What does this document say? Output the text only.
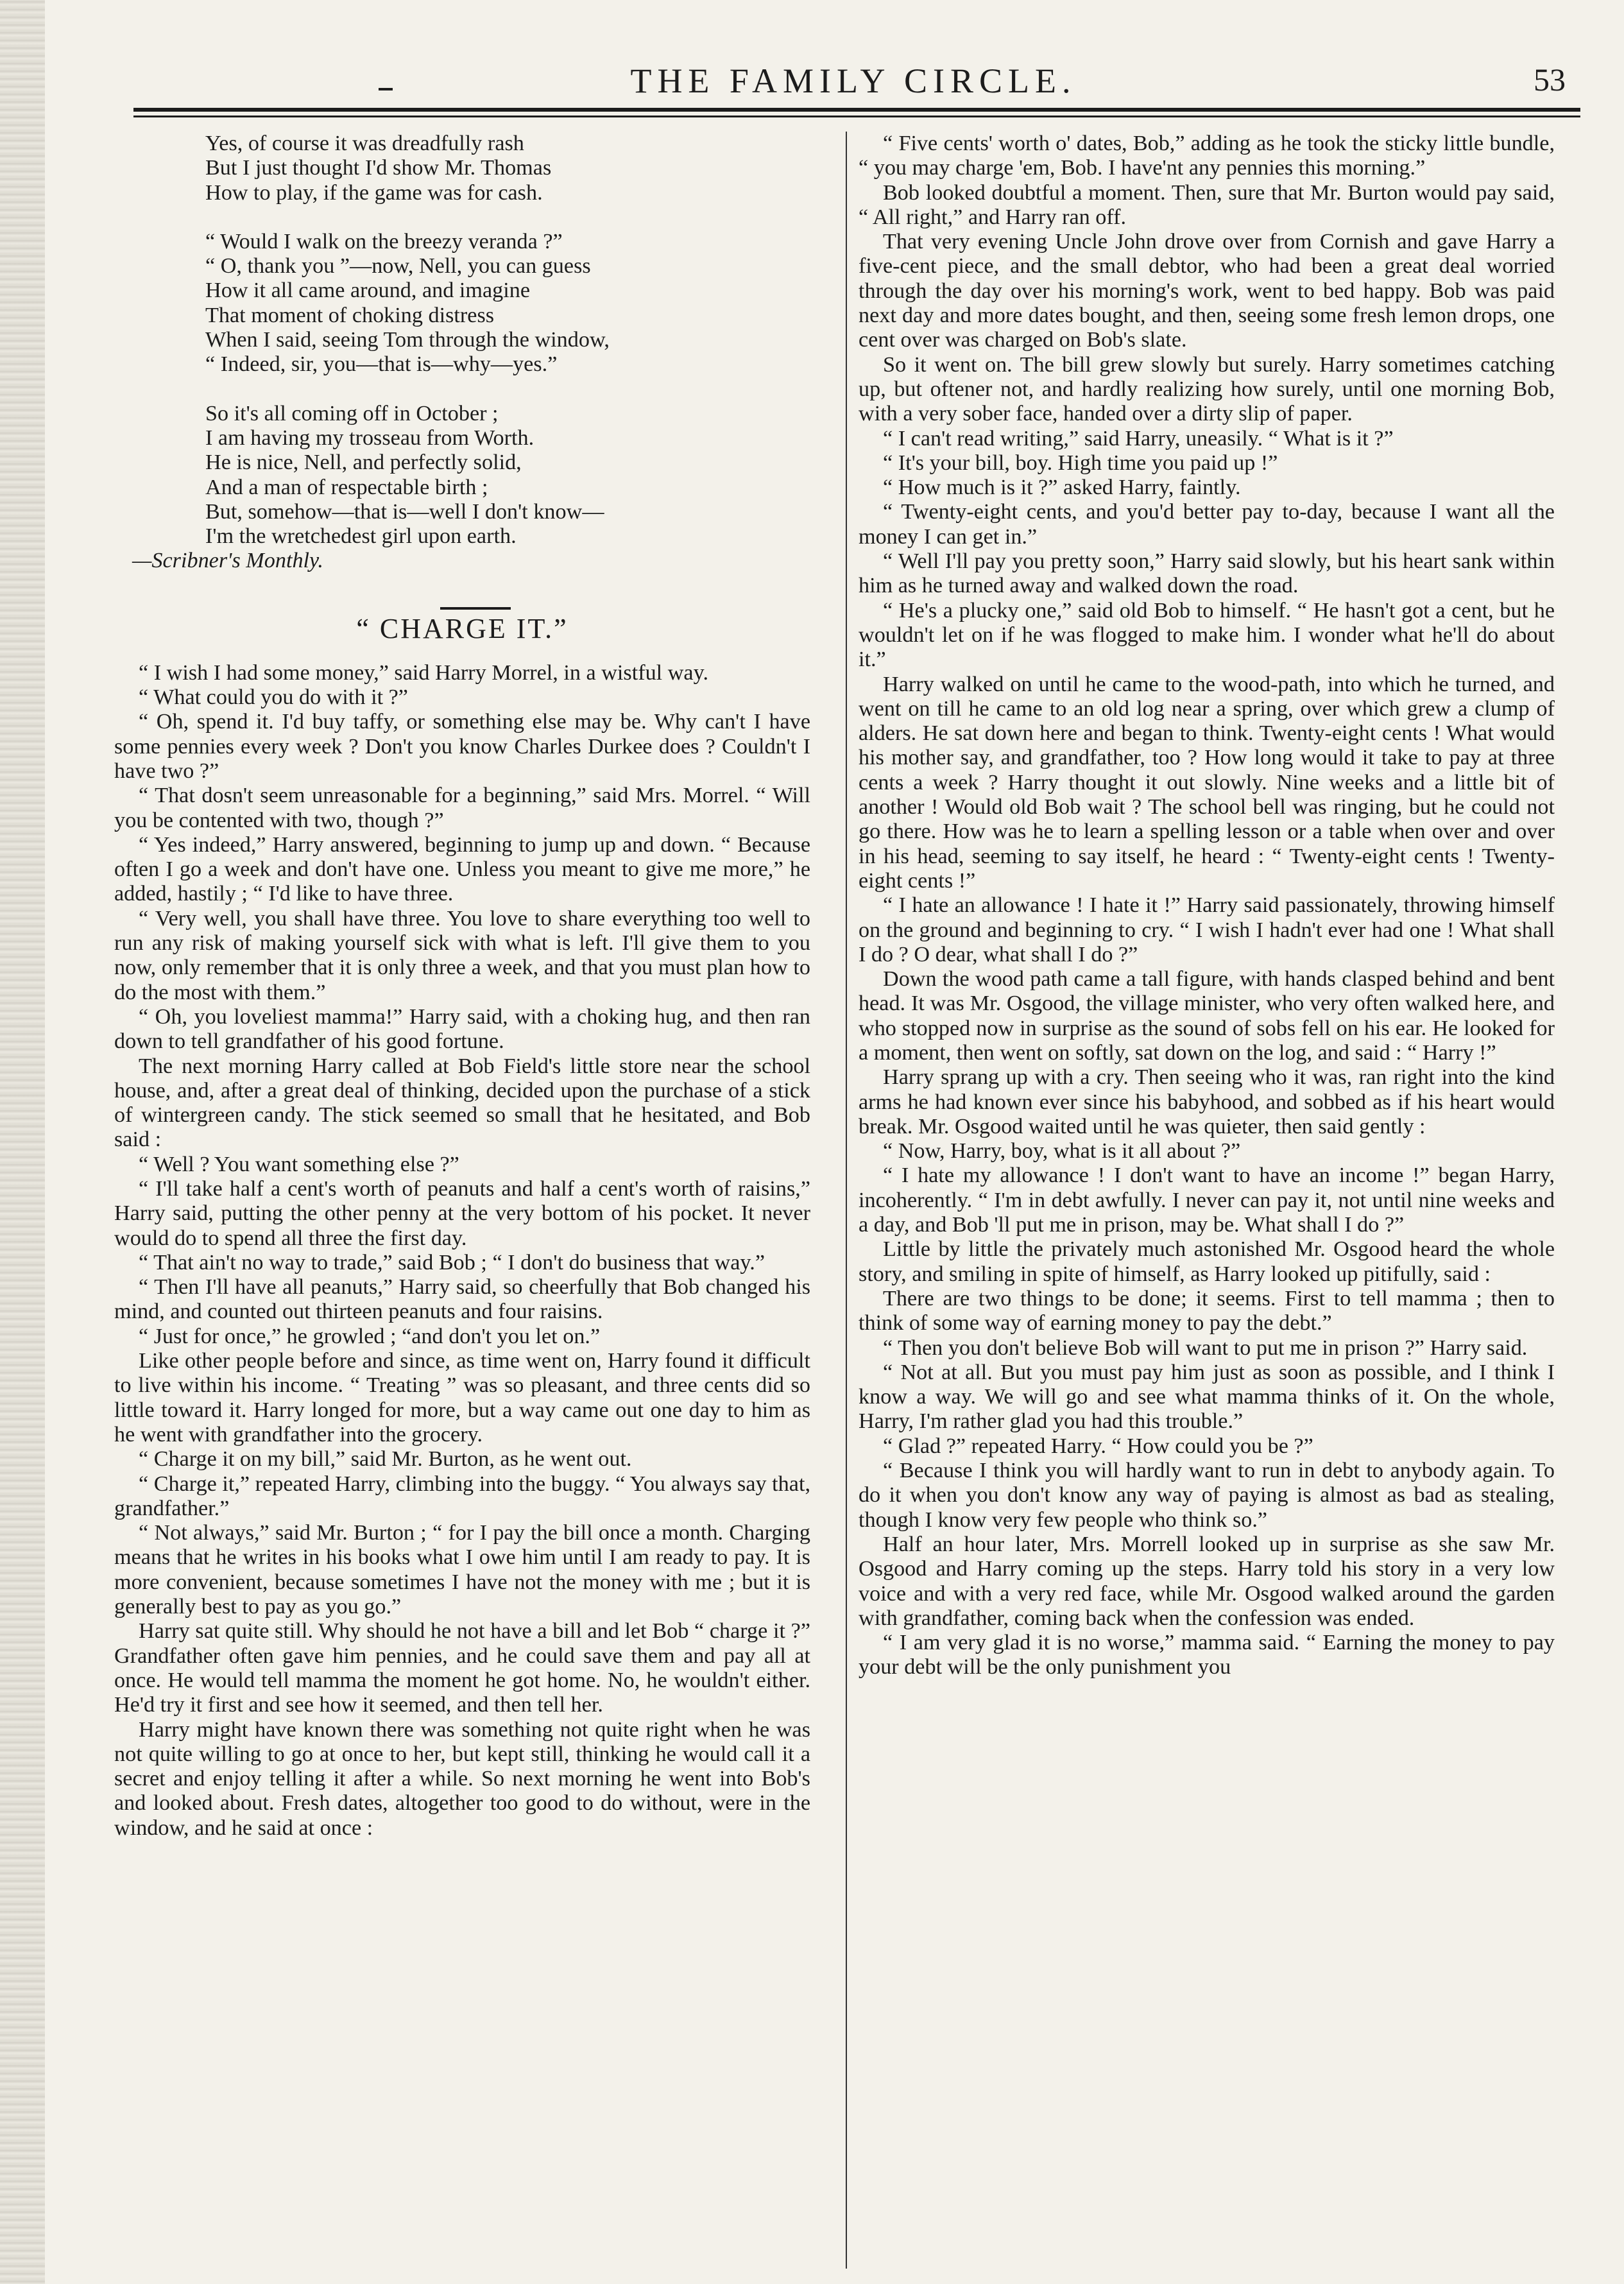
THE FAMILY CIRCLE.	53
Yes, of course it was dreadfully rash
But I just thought I'd show Mr. Thomas
How to play, if the game was for cash.
“ Would I walk on the breezy veranda ?”
“ O, thank you ”—now, Nell, you can guess
How it all came around, and imagine
That moment of choking distress
When I said, seeing Tom through the window,
“ Indeed, sir, you—that is—why—yes.”
So it's all coming off in October ;
I am having my trosseau from Worth.
He is nice, Nell, and perfectly solid,
And a man of respectable birth ;
But, somehow—that is—well I don't know—
I'm the wretchedest girl upon earth.
—Scribner's Monthly.
“ CHARGE IT.”

“ I wish I had some money,” said Harry Morrel, in a wistful way.

“ What could you do with it ?”

“ Oh, spend it. I'd buy taffy, or something else may be. Why can't I have some pennies every week ? Don't you know Charles Durkee does ? Couldn't I have two ?”

“ That dosn't seem unreasonable for a beginning,” said Mrs. Morrel. “ Will you be contented with two, though ?”

“ Yes indeed,” Harry answered, beginning to jump up and down. “ Because often I go a week and don't have one. Unless you meant to give me more,” he added, hastily ; “ I'd like to have three.

“ Very well, you shall have three. You love to share everything too well to run any risk of making yourself sick with what is left. I'll give them to you now, only remember that it is only three a week, and that you must plan how to do the most with them.”

“ Oh, you loveliest mamma!” Harry said, with a choking hug, and then ran down to tell grandfather of his good fortune.

The next morning Harry called at Bob Field's little store near the school house, and, after a great deal of thinking, decided upon the purchase of a stick of wintergreen candy. The stick seemed so small that he hesitated, and Bob said :

“ Well ? You want something else ?”

“ I'll take half a cent's worth of peanuts and half a cent's worth of raisins,” Harry said, putting the other penny at the very bottom of his pocket. It never would do to spend all three the first day.

“ That ain't no way to trade,” said Bob ; “ I don't do business that way.”

“ Then I'll have all peanuts,” Harry said, so cheerfully that Bob changed his mind, and counted out thirteen peanuts and four raisins.

“ Just for once,” he growled ; “and don't you let on.”

Like other people before and since, as time went on, Harry found it difficult to live within his income. “ Treating ” was so pleasant, and three cents did so little toward it. Harry longed for more, but a way came out one day to him as he went with grandfather into the grocery.

“ Charge it on my bill,” said Mr. Burton, as he went out.

“ Charge it,” repeated Harry, climbing into the buggy. “ You always say that, grandfather.”

“ Not always,” said Mr. Burton ; “ for I pay the bill once a month. Charging means that he writes in his books what I owe him until I am ready to pay. It is more convenient, because sometimes I have not the money with me ; but it is generally best to pay as you go.”

Harry sat quite still. Why should he not have a bill and let Bob “ charge it ?” Grandfather often gave him pennies, and he could save them and pay all at once. He would tell mamma the moment he got home. No, he wouldn't either. He'd try it first and see how it seemed, and then tell her.

Harry might have known there was something not quite right when he was not quite willing to go at once to her, but kept still, thinking he would call it a secret and enjoy telling it after a while. So next morning he went into Bob's and looked about. Fresh dates, altogether too good to do without, were in the window, and he said at once :

“ Five cents' worth o' dates, Bob,” adding as he took the sticky little bundle, “ you may charge 'em, Bob. I have'nt any pennies this morning.”

Bob looked doubtful a moment. Then, sure that Mr. Burton would pay said, “ All right,” and Harry ran off.

That very evening Uncle John drove over from Cornish and gave Harry a five-cent piece, and the small debtor, who had been a great deal worried through the day over his morning's work, went to bed happy. Bob was paid next day and more dates bought, and then, seeing some fresh lemon drops, one cent over was charged on Bob's slate.

So it went on. The bill grew slowly but surely. Harry sometimes catching up, but oftener not, and hardly realizing how surely, until one morning Bob, with a very sober face, handed over a dirty slip of paper.

“ I can't read writing,” said Harry, uneasily. “ What is it ?”

“ It's your bill, boy. High time you paid up !”

“ How much is it ?” asked Harry, faintly.

“ Twenty-eight cents, and you'd better pay to-day, because I want all the money I can get in.”

“ Well I'll pay you pretty soon,” Harry said slowly, but his heart sank within him as he turned away and walked down the road.

“ He's a plucky one,” said old Bob to himself. “ He hasn't got a cent, but he wouldn't let on if he was flogged to make him. I wonder what he'll do about it.”

Harry walked on until he came to the wood-path, into which he turned, and went on till he came to an old log near a spring, over which grew a clump of alders. He sat down here and began to think. Twenty-eight cents ! What would his mother say, and grandfather, too ? How long would it take to pay at three cents a week ? Harry thought it out slowly. Nine weeks and a little bit of another ! Would old Bob wait ? The school bell was ringing, but he could not go there. How was he to learn a spelling lesson or a table when over and over in his head, seeming to say itself, he heard : “ Twenty-eight cents ! Twenty-eight cents !”

“ I hate an allowance ! I hate it !” Harry said passionately, throwing himself on the ground and beginning to cry. “ I wish I hadn't ever had one ! What shall I do ? O dear, what shall I do ?”

Down the wood path came a tall figure, with hands clasped behind and bent head. It was Mr. Osgood, the village minister, who very often walked here, and who stopped now in surprise as the sound of sobs fell on his ear. He looked for a moment, then went on softly, sat down on the log, and said : “ Harry !”

Harry sprang up with a cry. Then seeing who it was, ran right into the kind arms he had known ever since his babyhood, and sobbed as if his heart would break. Mr. Osgood waited until he was quieter, then said gently :

“ Now, Harry, boy, what is it all about ?”

“ I hate my allowance ! I don't want to have an income !” began Harry, incoherently. “ I'm in debt awfully. I never can pay it, not until nine weeks and a day, and Bob 'll put me in prison, may be. What shall I do ?”

Little by little the privately much astonished Mr. Osgood heard the whole story, and smiling in spite of himself, as Harry looked up pitifully, said :

There are two things to be done; it seems. First to tell mamma ; then to think of some way of earning money to pay the debt.”

“ Then you don't believe Bob will want to put me in prison ?” Harry said.

“ Not at all. But you must pay him just as soon as possible, and I think I know a way. We will go and see what mamma thinks of it. On the whole, Harry, I'm rather glad you had this trouble.”

“ Glad ?” repeated Harry. “ How could you be ?”

“ Because I think you will hardly want to run in debt to anybody again. To do it when you don't know any way of paying is almost as bad as stealing, though I know very few people who think so.”

Half an hour later, Mrs. Morrell looked up in surprise as she saw Mr. Osgood and Harry coming up the steps. Harry told his story in a very low voice and with a very red face, while Mr. Osgood walked around the garden with grandfather, coming back when the confession was ended.

“ I am very glad it is no worse,” mamma said. “ Earning the money to pay your debt will be the only punishment you
